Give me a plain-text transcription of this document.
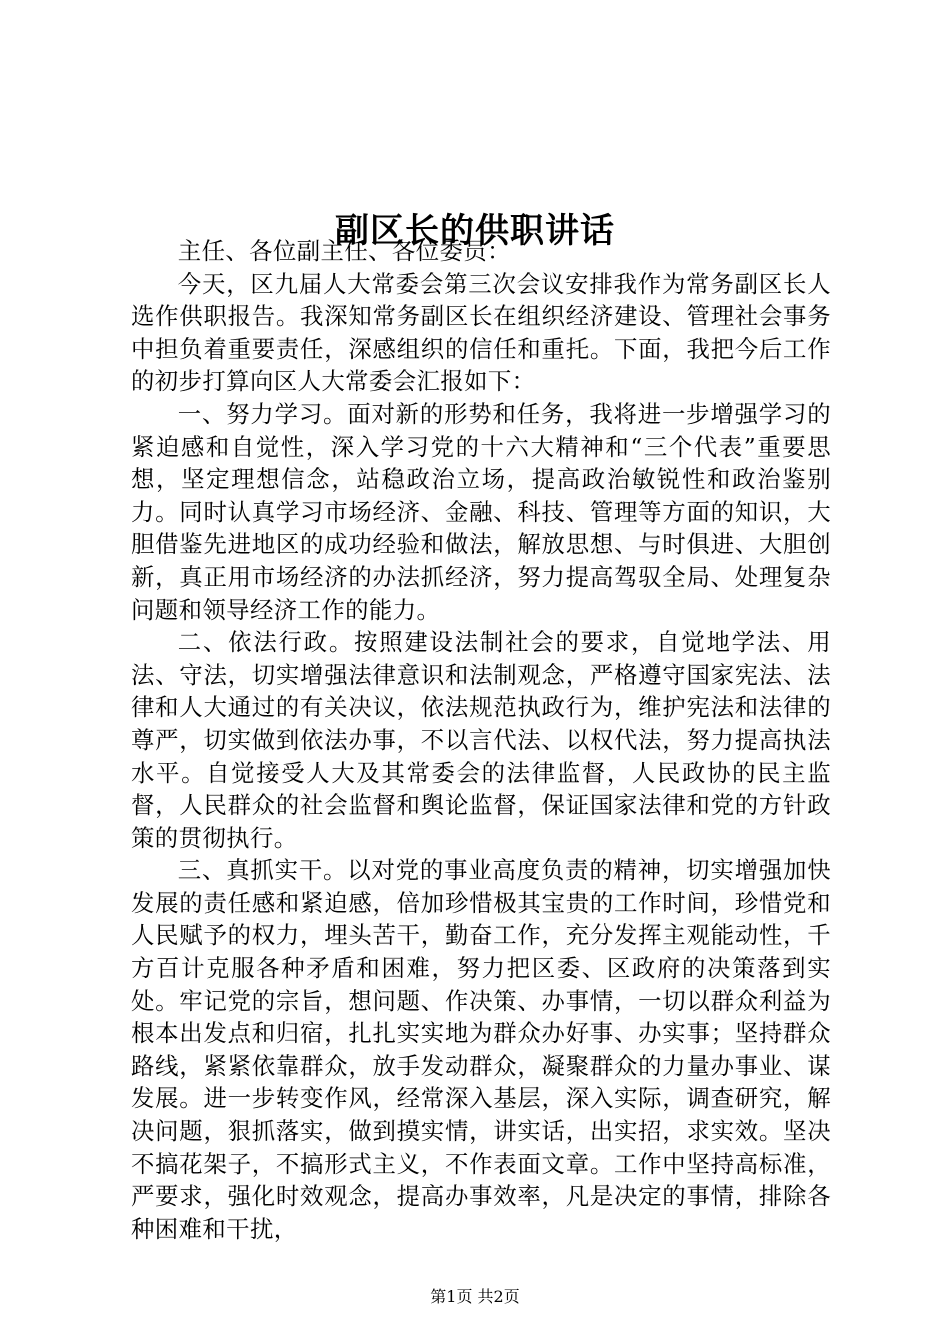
副区长的供职讲话

主任、各位副主任、各位委员：

今天，区九届人大常委会第三次会议安排我作为常务副区长人选作供职报告。我深知常务副区长在组织经济建设、管理社会事务中担负着重要责任，深感组织的信任和重托。下面，我把今后工作的初步打算向区人大常委会汇报如下：

一、努力学习。面对新的形势和任务，我将进一步增强学习的紧迫感和自觉性，深入学习党的十六大精神和“三个代表”重要思想，坚定理想信念，站稳政治立场，提高政治敏锐性和政治鉴别力。同时认真学习市场经济、金融、科技、管理等方面的知识，大胆借鉴先进地区的成功经验和做法，解放思想、与时俱进、大胆创新，真正用市场经济的办法抓经济，努力提高驾驭全局、处理复杂问题和领导经济工作的能力。

二、依法行政。按照建设法制社会的要求，自觉地学法、用法、守法，切实增强法律意识和法制观念，严格遵守国家宪法、法律和人大通过的有关决议，依法规范执政行为，维护宪法和法律的尊严，切实做到依法办事，不以言代法、以权代法，努力提高执法水平。自觉接受人大及其常委会的法律监督，人民政协的民主监督，人民群众的社会监督和舆论监督，保证国家法律和党的方针政策的贯彻执行。

三、真抓实干。以对党的事业高度负责的精神，切实增强加快发展的责任感和紧迫感，倍加珍惜极其宝贵的工作时间，珍惜党和人民赋予的权力，埋头苦干，勤奋工作，充分发挥主观能动性，千方百计克服各种矛盾和困难，努力把区委、区政府的决策落到实处。牢记党的宗旨，想问题、作决策、办事情，一切以群众利益为根本出发点和归宿，扎扎实实地为群众办好事、办实事；坚持群众路线，紧紧依靠群众，放手发动群众，凝聚群众的力量办事业、谋发展。进一步转变作风，经常深入基层，深入实际，调查研究，解决问题，狠抓落实，做到摸实情，讲实话，出实招，求实效。坚决不搞花架子，不搞形式主义，不作表面文章。工作中坚持高标准，严要求，强化时效观念，提高办事效率，凡是决定的事情，排除各种困难和干扰，

第1页 共2页
